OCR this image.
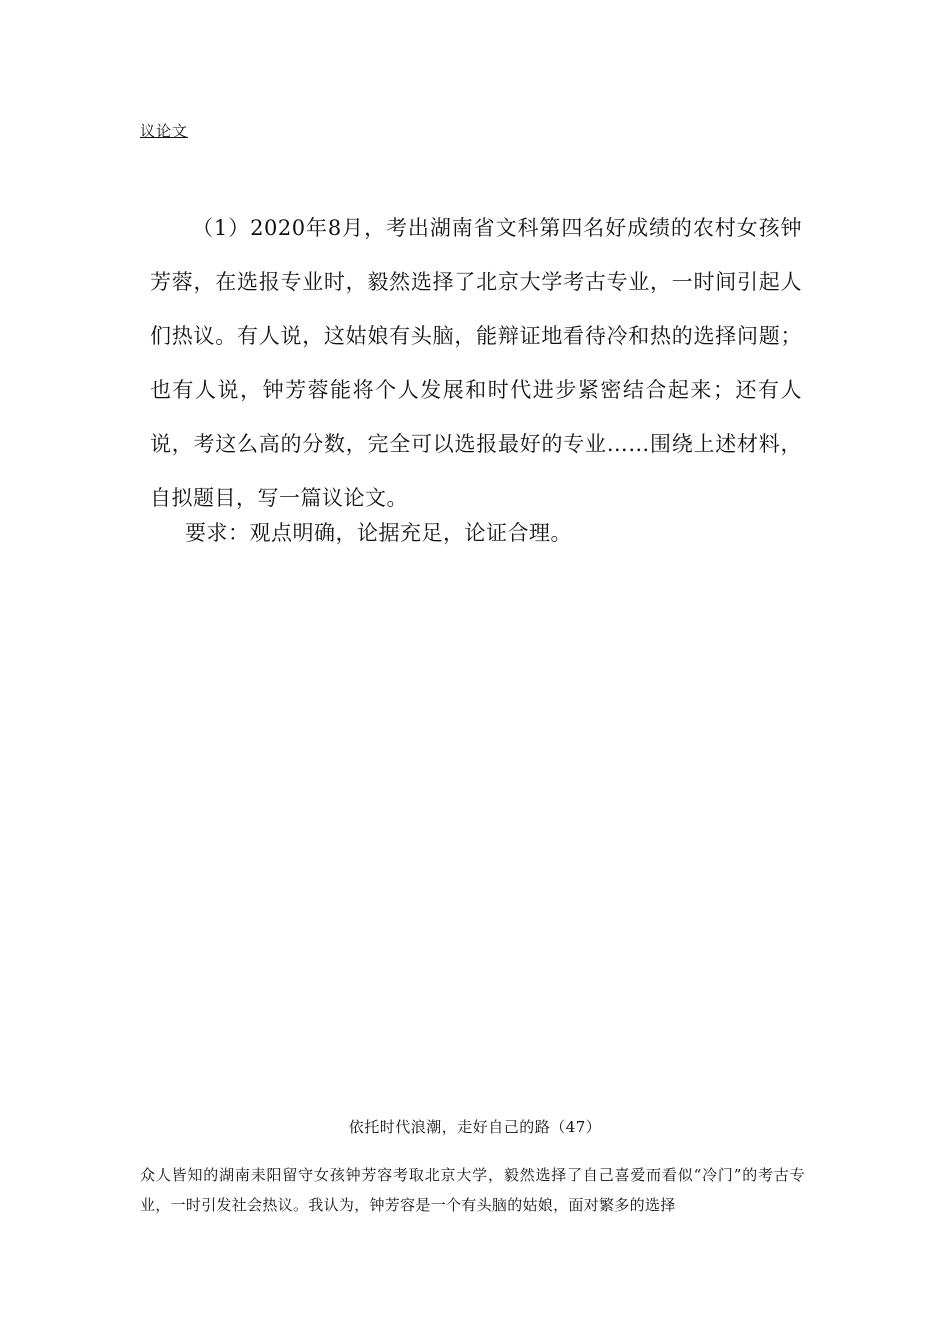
议论文

（1）2020年8月，考出湖南省文科第四名好成绩的农村女孩钟芳蓉，在选报专业时，毅然选择了北京大学考古专业，一时间引起人们热议。有人说，这姑娘有头脑，能辩证地看待冷和热的选择问题；也有人说，钟芳蓉能将个人发展和时代进步紧密结合起来；还有人说，考这么高的分数，完全可以选报最好的专业……围绕上述材料，自拟题目，写一篇议论文。

要求：观点明确，论据充足，论证合理。

依托时代浪潮，走好自己的路（47）

众人皆知的湖南耒阳留守女孩钟芳容考取北京大学，毅然选择了自己喜爱而看似“冷门”的考古专业，一时引发社会热议。我认为，钟芳容是一个有头脑的姑娘，面对繁多的选择
